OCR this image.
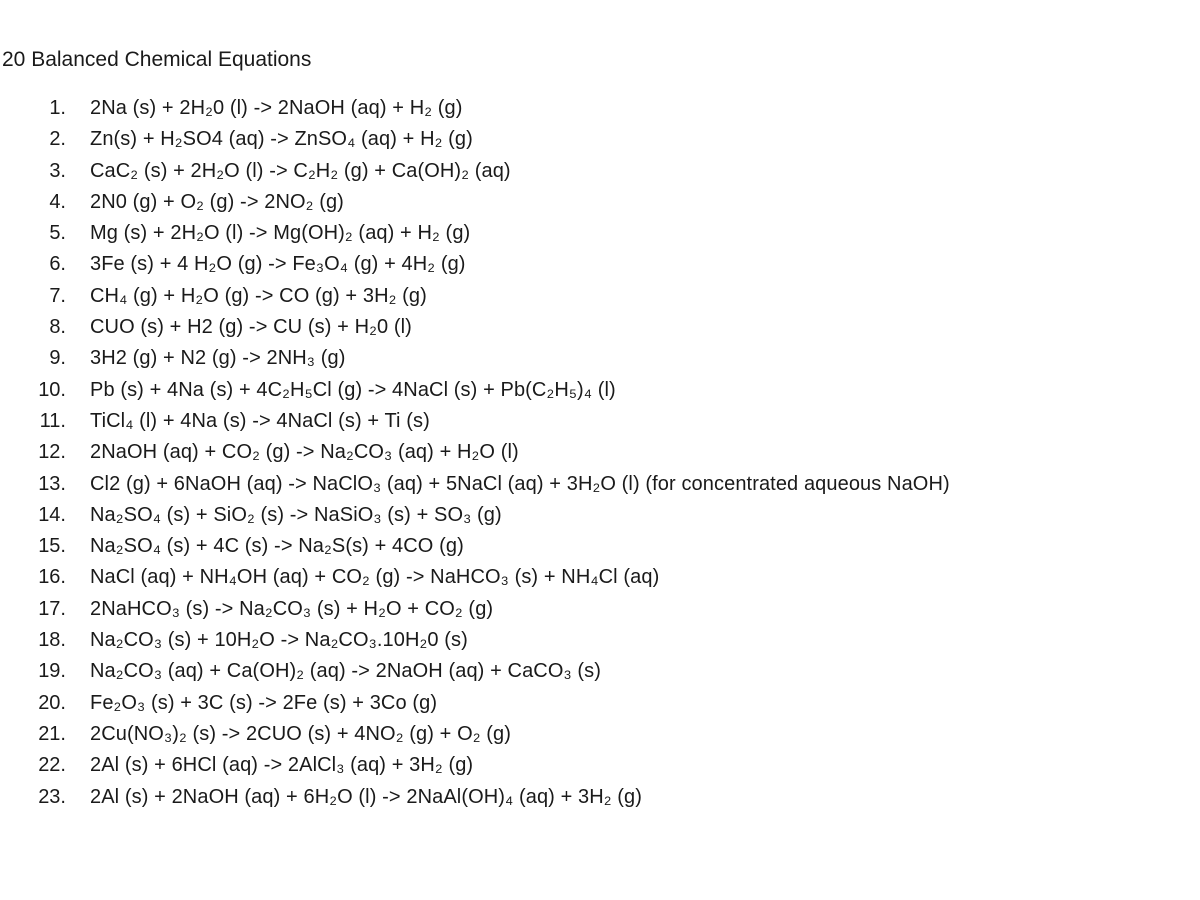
20 Balanced Chemical Equations
1. 2Na (s) + 2H₂0 (l) -> 2NaOH (aq) + H₂ (g)
2. Zn(s) + H₂SO4 (aq) -> ZnSO₄ (aq) + H₂ (g)
3. CaC₂ (s) + 2H₂O (l) -> C₂H₂ (g) + Ca(OH)₂ (aq)
4. 2N0 (g) + O₂ (g) -> 2NO₂ (g)
5. Mg (s) + 2H₂O (l) -> Mg(OH)₂ (aq) + H₂ (g)
6. 3Fe (s) + 4 H₂O (g) -> Fe₃O₄ (g) + 4H₂ (g)
7. CH₄ (g) + H₂O (g) -> CO (g) + 3H₂ (g)
8. CUO (s) + H2 (g) -> CU (s) + H₂0 (l)
9. 3H2 (g) + N2 (g) -> 2NH₃ (g)
10. Pb (s) + 4Na (s) + 4C₂H₅Cl (g) -> 4NaCl (s) + Pb(C₂H₅)₄ (l)
11. TiCl₄ (l) + 4Na (s) -> 4NaCl (s) + Ti (s)
12. 2NaOH (aq) + CO₂ (g) -> Na₂CO₃ (aq) + H₂O (l)
13. Cl2 (g) + 6NaOH (aq) -> NaClO₃ (aq) + 5NaCl (aq) + 3H₂O (l) (for concentrated aqueous NaOH)
14. Na₂SO₄ (s) + SiO₂ (s) -> NaSiO₃ (s) + SO₃ (g)
15. Na₂SO₄ (s) + 4C (s) -> Na₂S(s) + 4CO (g)
16. NaCl (aq) + NH₄OH (aq) + CO₂ (g) -> NaHCO₃ (s) + NH₄Cl (aq)
17. 2NaHCO₃ (s) -> Na₂CO₃ (s) + H₂O + CO₂ (g)
18. Na₂CO₃ (s) + 10H₂O -> Na₂CO₃.10H₂0 (s)
19. Na₂CO₃ (aq) + Ca(OH)₂ (aq) -> 2NaOH (aq) + CaCO₃ (s)
20. Fe₂O₃ (s) + 3C (s) -> 2Fe (s) + 3Co (g)
21. 2Cu(NO₃)₂ (s) -> 2CUO (s) + 4NO₂ (g) + O₂ (g)
22. 2Al (s) + 6HCl (aq) -> 2AlCl₃ (aq) + 3H₂ (g)
23. 2Al (s) + 2NaOH (aq) + 6H₂O (l) -> 2NaAl(OH)₄ (aq) + 3H₂ (g)
